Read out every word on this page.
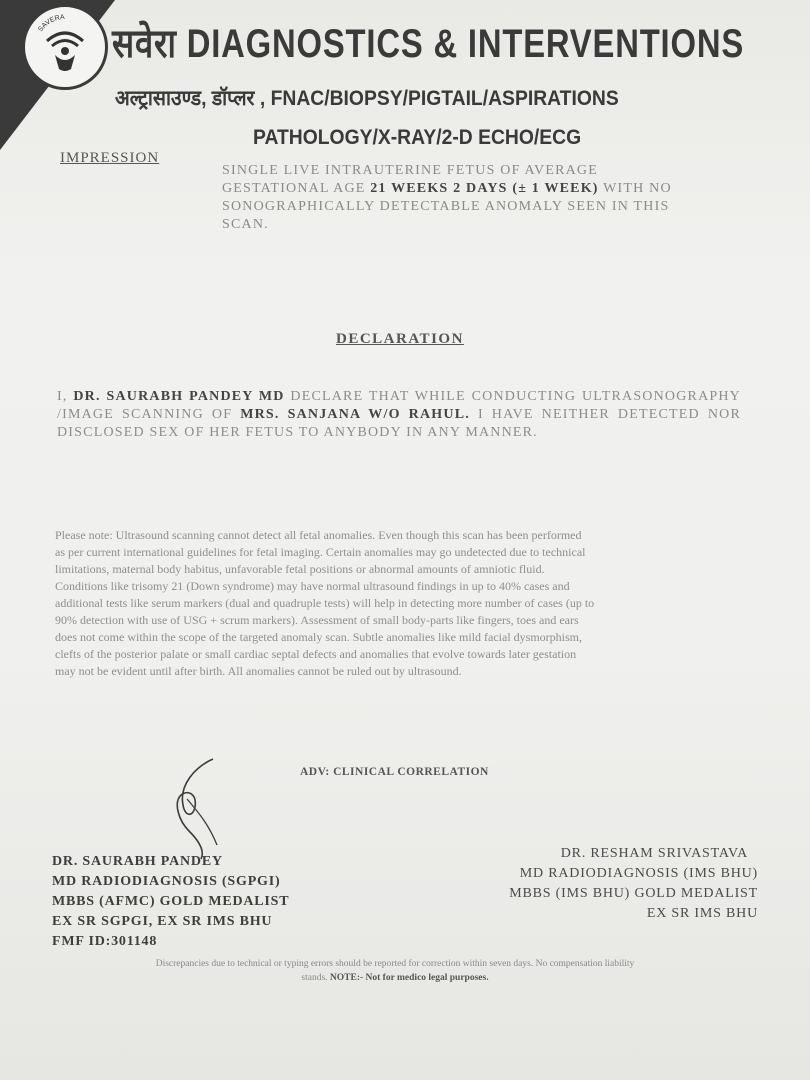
SAVERA
सवेरा DIAGNOSTICS & INTERVENTIONS
अल्ट्रासाउण्ड, डॉप्लर , FNAC/BIOPSY/PIGTAIL/ASPIRATIONS
PATHOLOGY/X-RAY/2-D ECHO/ECG
IMPRESSION
SINGLE LIVE INTRAUTERINE FETUS OF AVERAGE
GESTATIONAL AGE 21 WEEKS 2 DAYS (± 1 WEEK) WITH NO
SONOGRAPHICALLY DETECTABLE ANOMALY SEEN IN THIS
SCAN.
DECLARATION
I, DR. SAURABH PANDEY MD DECLARE THAT WHILE CONDUCTING ULTRASONOGRAPHY /IMAGE SCANNING OF MRS. SANJANA W/O RAHUL. I HAVE NEITHER DETECTED NOR DISCLOSED SEX OF HER FETUS TO ANYBODY IN ANY MANNER.
Please note: Ultrasound scanning cannot detect all fetal anomalies. Even though this scan has been performed
as per current international guidelines for fetal imaging. Certain anomalies may go undetected due to technical
limitations, maternal body habitus, unfavorable fetal positions or abnormal amounts of amniotic fluid.
Conditions like trisomy 21 (Down syndrome) may have normal ultrasound findings in up to 40% cases and
additional tests like serum markers (dual and quadruple tests) will help in detecting more number of cases (up to
90% detection with use of USG + scrum markers). Assessment of small body-parts like fingers, toes and ears
does not come within the scope of the targeted anomaly scan. Subtle anomalies like mild facial dysmorphism,
clefts of the posterior palate or small cardiac septal defects and anomalies that evolve towards later gestation
may not be evident until after birth. All anomalies cannot be ruled out by ultrasound.
ADV: CLINICAL CORRELATION
DR. SAURABH PANDEY
MD RADIODIAGNOSIS (SGPGI)
MBBS (AFMC) GOLD MEDALIST
EX SR SGPGI, EX SR IMS BHU
FMF ID:301148
DR. RESHAM SRIVASTAVA
MD RADIODIAGNOSIS (IMS BHU)
MBBS (IMS BHU) GOLD MEDALIST
EX SR IMS BHU
Discrepancies due to technical or typing errors should be reported for correction within seven days. No compensation liability
stands. NOTE:- Not for medico legal purposes.
